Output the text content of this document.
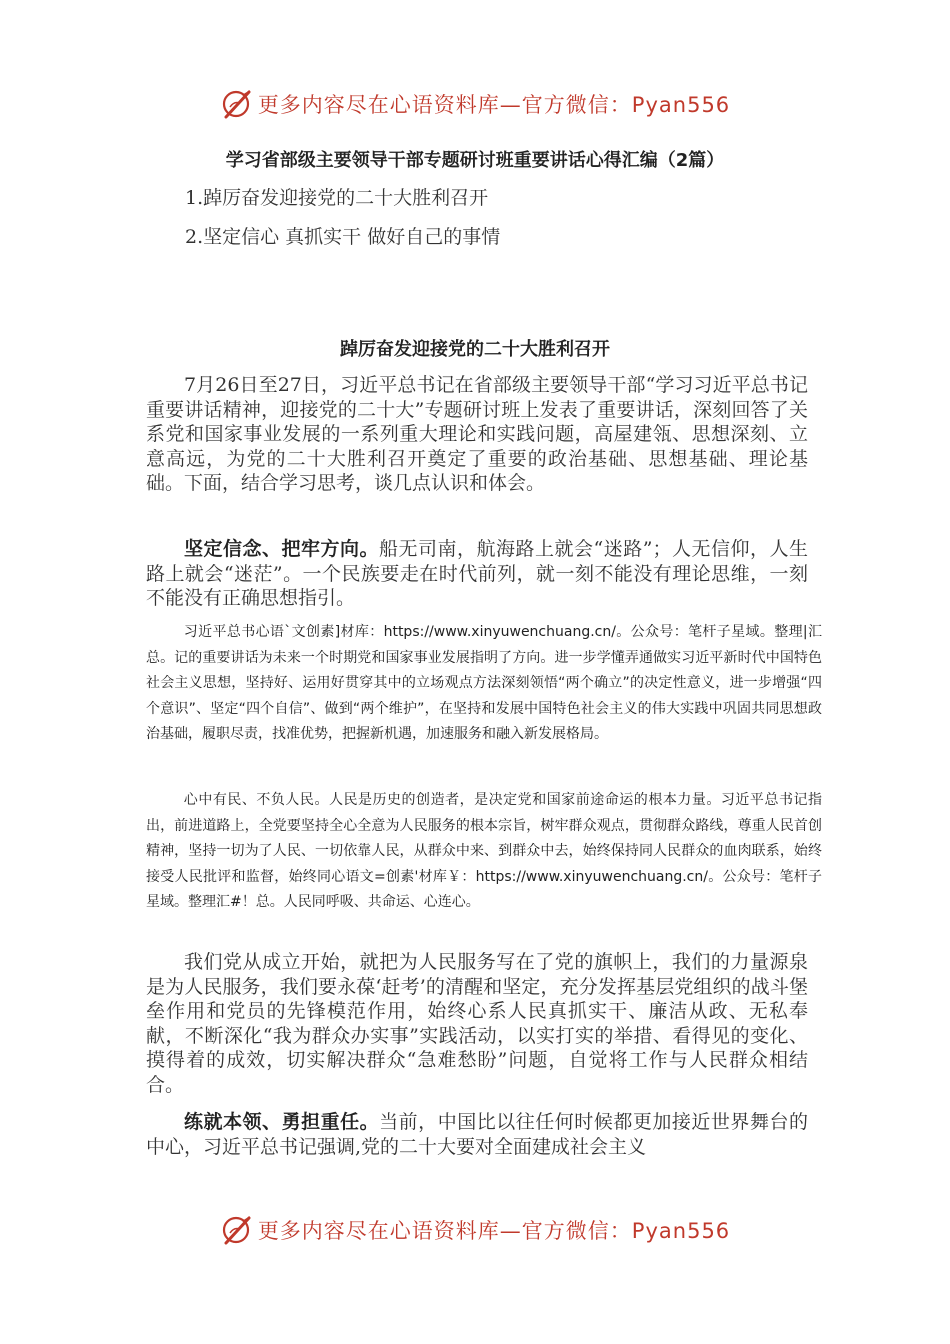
更多内容尽在心语资料库—官方微信：Pyan556
学习省部级主要领导干部专题研讨班重要讲话心得汇编（2篇）
1.踔厉奋发迎接党的二十大胜利召开
2.坚定信心 真抓实干 做好自己的事情
踔厉奋发迎接党的二十大胜利召开

7月26日至27日，习近平总书记在省部级主要领导干部“学习习近平总书记重要讲话精神，迎接党的二十大”专题研讨班上发表了重要讲话，深刻回答了关系党和国家事业发展的一系列重大理论和实践问题，高屋建瓴、思想深刻、立意高远，为党的二十大胜利召开奠定了重要的政治基础、思想基础、理论基础。下面，结合学习思考，谈几点认识和体会。

坚定信念、把牢方向。船无司南，航海路上就会“迷路”；人无信仰，人生路上就会“迷茫”。一个民族要走在时代前列，就一刻不能没有理论思维，一刻不能没有正确思想指引。

习近平总书心语`文创素]材库：https://www.xinyuwenchuang.cn/。公众号：笔杆子星域。整理|汇总。记的重要讲话为未来一个时期党和国家事业发展指明了方向。进一步学懂弄通做实习近平新时代中国特色社会主义思想，坚持好、运用好贯穿其中的立场观点方法深刻领悟“两个确立”的决定性意义，进一步增强“四个意识”、坚定“四个自信”、做到“两个维护”，在坚持和发展中国特色社会主义的伟大实践中巩固共同思想政治基础，履职尽责，找准优势，把握新机遇，加速服务和融入新发展格局。

心中有民、不负人民。人民是历史的创造者，是决定党和国家前途命运的根本力量。习近平总书记指出，前进道路上，全党要坚持全心全意为人民服务的根本宗旨，树牢群众观点，贯彻群众路线，尊重人民首创精神，坚持一切为了人民、一切依靠人民，从群众中来、到群众中去，始终保持同人民群众的血肉联系，始终接受人民批评和监督，始终同心语文=创素'材库￥：https://www.xinyuwenchuang.cn/。公众号：笔杆子星域。整理汇#！总。人民同呼吸、共命运、心连心。

我们党从成立开始，就把为人民服务写在了党的旗帜上，我们的力量源泉是为人民服务，我们要永葆‘赶考’的清醒和坚定，充分发挥基层党组织的战斗堡垒作用和党员的先锋模范作用，始终心系人民真抓实干、廉洁从政、无私奉献，不断深化“我为群众办实事”实践活动，以实打实的举措、看得见的变化、摸得着的成效，切实解决群众“急难愁盼”问题，自觉将工作与人民群众相结合。

练就本领、勇担重任。当前，中国比以往任何时候都更加接近世界舞台的中心，习近平总书记强调,党的二十大要对全面建成社会主义

更多内容尽在心语资料库—官方微信：Pyan556
